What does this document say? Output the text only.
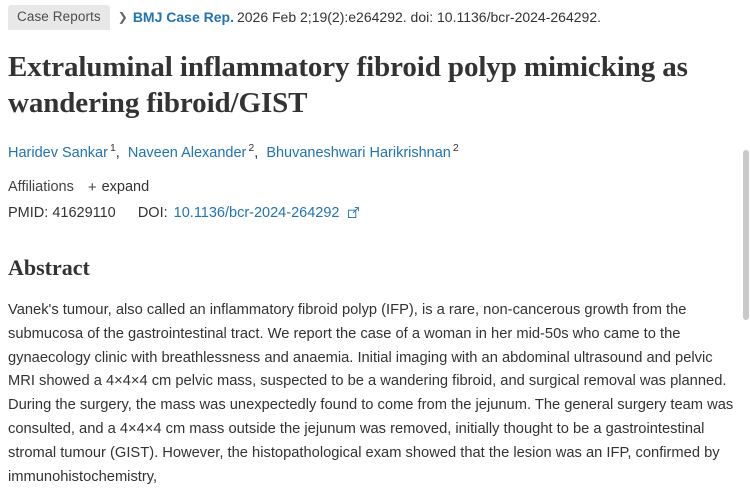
Case Reports	❯ BMJ Case Rep. 2026 Feb 2;19(2):e264292. doi: 10.1136/bcr-2024-264292.
Extraluminal inflammatory fibroid polyp mimicking as wandering fibroid/GIST
Haridev Sankar $^1$,  Naveen Alexander $^2$,  Bhuvaneshwari Harikrishnan $^2$
Affiliations + expand
PMID: 41629110 DOI: 10.1136/bcr-2024-264292
Abstract
Vanek's tumour, also called an inflammatory fibroid polyp (IFP), is a rare, non-cancerous growth from the submucosa of the gastrointestinal tract. We report the case of a woman in her mid-50s who came to the gynaecology clinic with breathlessness and anaemia. Initial imaging with an abdominal ultrasound and pelvic MRI showed a 4×4×4 cm pelvic mass, suspected to be a wandering fibroid, and surgical removal was planned. During the surgery, the mass was unexpectedly found to come from the jejunum. The general surgery team was consulted, and a 4×4×4 cm mass outside the jejunum was removed, initially thought to be a gastrointestinal stromal tumour (GIST). However, the histopathological exam showed that the lesion was an IFP, confirmed by immunohistochemistry,
